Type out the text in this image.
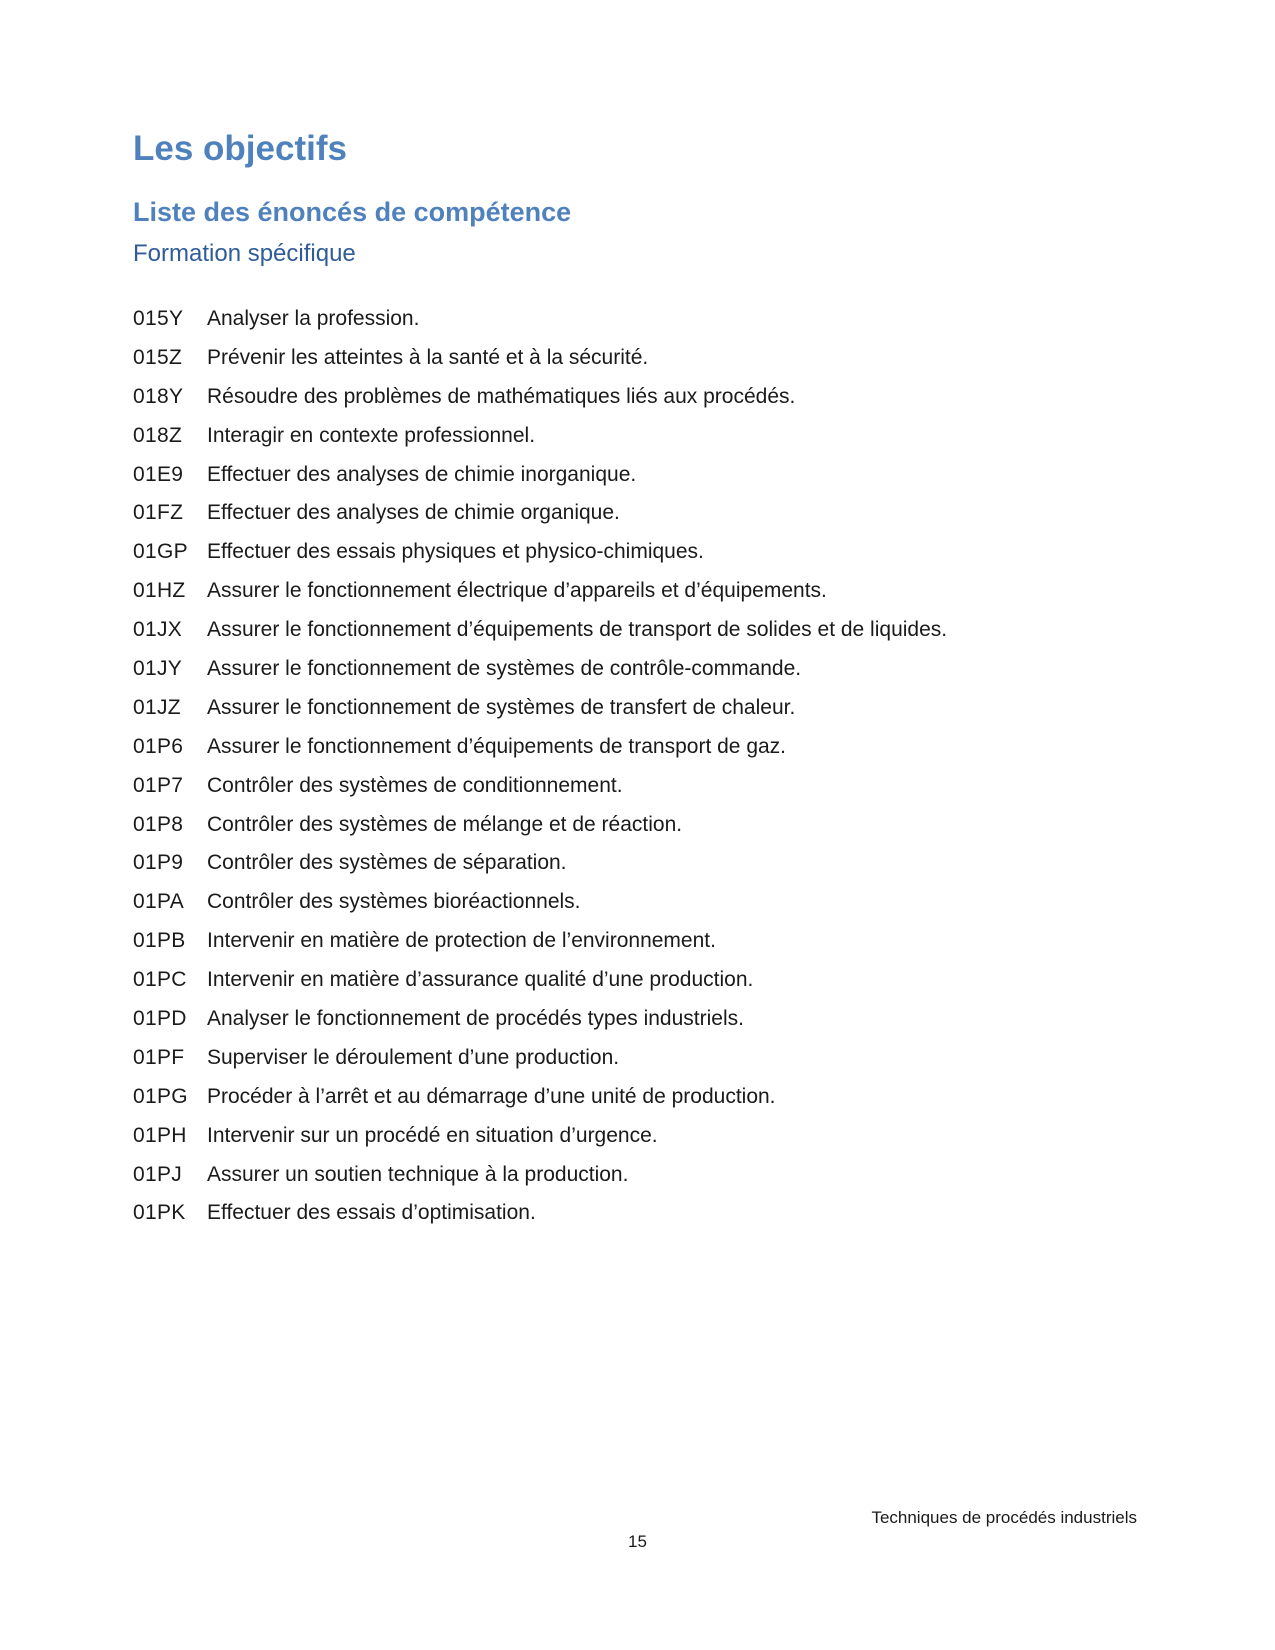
Les objectifs
Liste des énoncés de compétence
Formation spécifique
015Y	Analyser la profession.
015Z	Prévenir les atteintes à la santé et à la sécurité.
018Y	Résoudre des problèmes de mathématiques liés aux procédés.
018Z	Interagir en contexte professionnel.
01E9	Effectuer des analyses de chimie inorganique.
01FZ	Effectuer des analyses de chimie organique.
01GP Effectuer des essais physiques et physico-chimiques.
01HZ	Assurer le fonctionnement électrique d’appareils et d’équipements.
01JX	Assurer le fonctionnement d’équipements de transport de solides et de liquides.
01JY	Assurer le fonctionnement de systèmes de contrôle-commande.
01JZ	Assurer le fonctionnement de systèmes de transfert de chaleur.
01P6	Assurer le fonctionnement d’équipements de transport de gaz.
01P7	Contrôler des systèmes de conditionnement.
01P8	Contrôler des systèmes de mélange et de réaction.
01P9	Contrôler des systèmes de séparation.
01PA	Contrôler des systèmes bioréactionnels.
01PB	Intervenir en matière de protection de l’environnement.
01PC Intervenir en matière d’assurance qualité d’une production.
01PD Analyser le fonctionnement de procédés types industriels.
01PF	Superviser le déroulement d’une production.
01PG Procéder à l’arrêt et au démarrage d’une unité de production.
01PH Intervenir sur un procédé en situation d’urgence.
01PJ	Assurer un soutien technique à la production.
01PK	Effectuer des essais d’optimisation.
Techniques de procédés industriels
15
